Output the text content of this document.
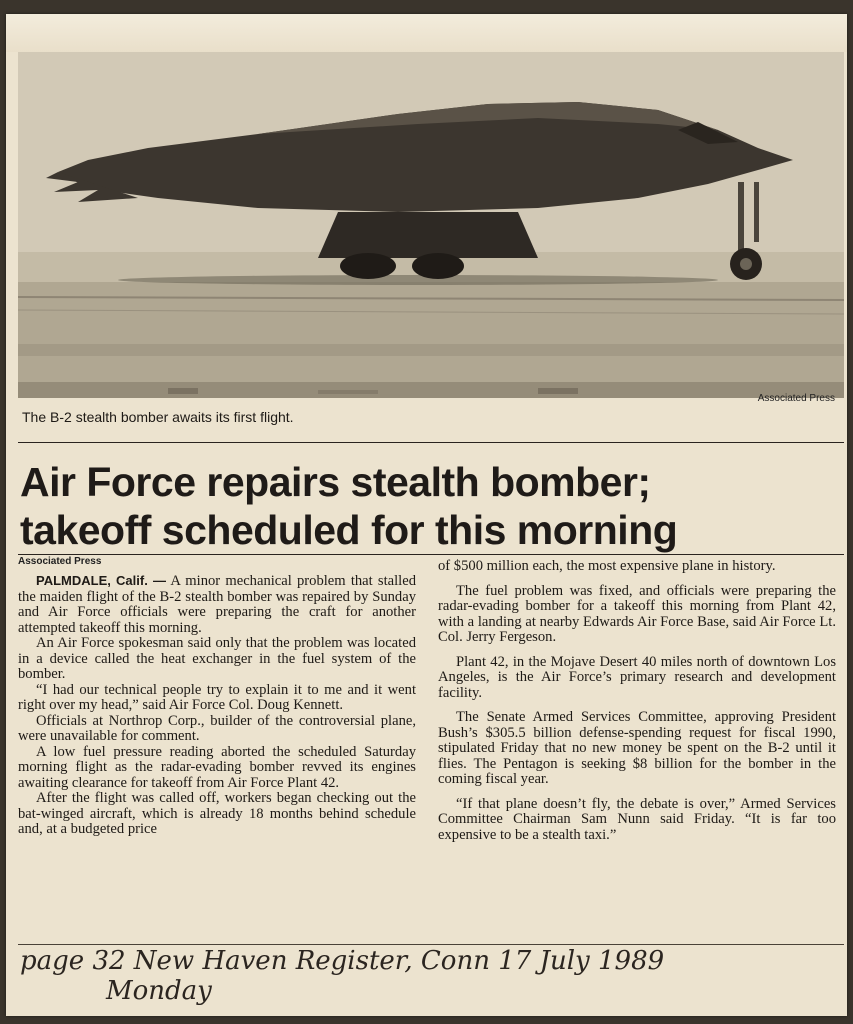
Associated Press
The B-2 stealth bomber awaits its first flight.
Air Force repairs stealth bomber;
takeoff scheduled for this morning
Associated Press

PALMDALE, Calif. — A minor mechanical problem that stalled the maiden flight of the B-2 stealth bomber was repaired by Sunday and Air Force officials were preparing the craft for another attempted takeoff this morning.

An Air Force spokesman said only that the problem was located in a device called the heat exchanger in the fuel system of the bomber.

“I had our technical people try to explain it to me and it went right over my head,” said Air Force Col. Doug Kennett.

Officials at Northrop Corp., builder of the controversial plane, were unavailable for comment.

A low fuel pressure reading aborted the scheduled Saturday morning flight as the radar-evading bomber revved its engines awaiting clearance for takeoff from Air Force Plant 42.

After the flight was called off, workers began checking out the bat-winged aircraft, which is already 18 months behind schedule and, at a budgeted price

of $500 million each, the most expensive plane in history.

The fuel problem was fixed, and officials were preparing the radar-evading bomber for a takeoff this morning from Plant 42, with a landing at nearby Edwards Air Force Base, said Air Force Lt. Col. Jerry Fergeson.

Plant 42, in the Mojave Desert 40 miles north of downtown Los Angeles, is the Air Force’s primary research and development facility.

The Senate Armed Services Committee, approving President Bush’s $305.5 billion defense-spending request for fiscal 1990, stipulated Friday that no new money be spent on the B-2 until it flies. The Pentagon is seeking $8 billion for the bomber in the coming fiscal year.

“If that plane doesn’t fly, the debate is over,” Armed Services Committee Chairman Sam Nunn said Friday. “It is far too expensive to be a stealth taxi.”

page 32 New Haven Register, Conn 17 July 1989
Monday
